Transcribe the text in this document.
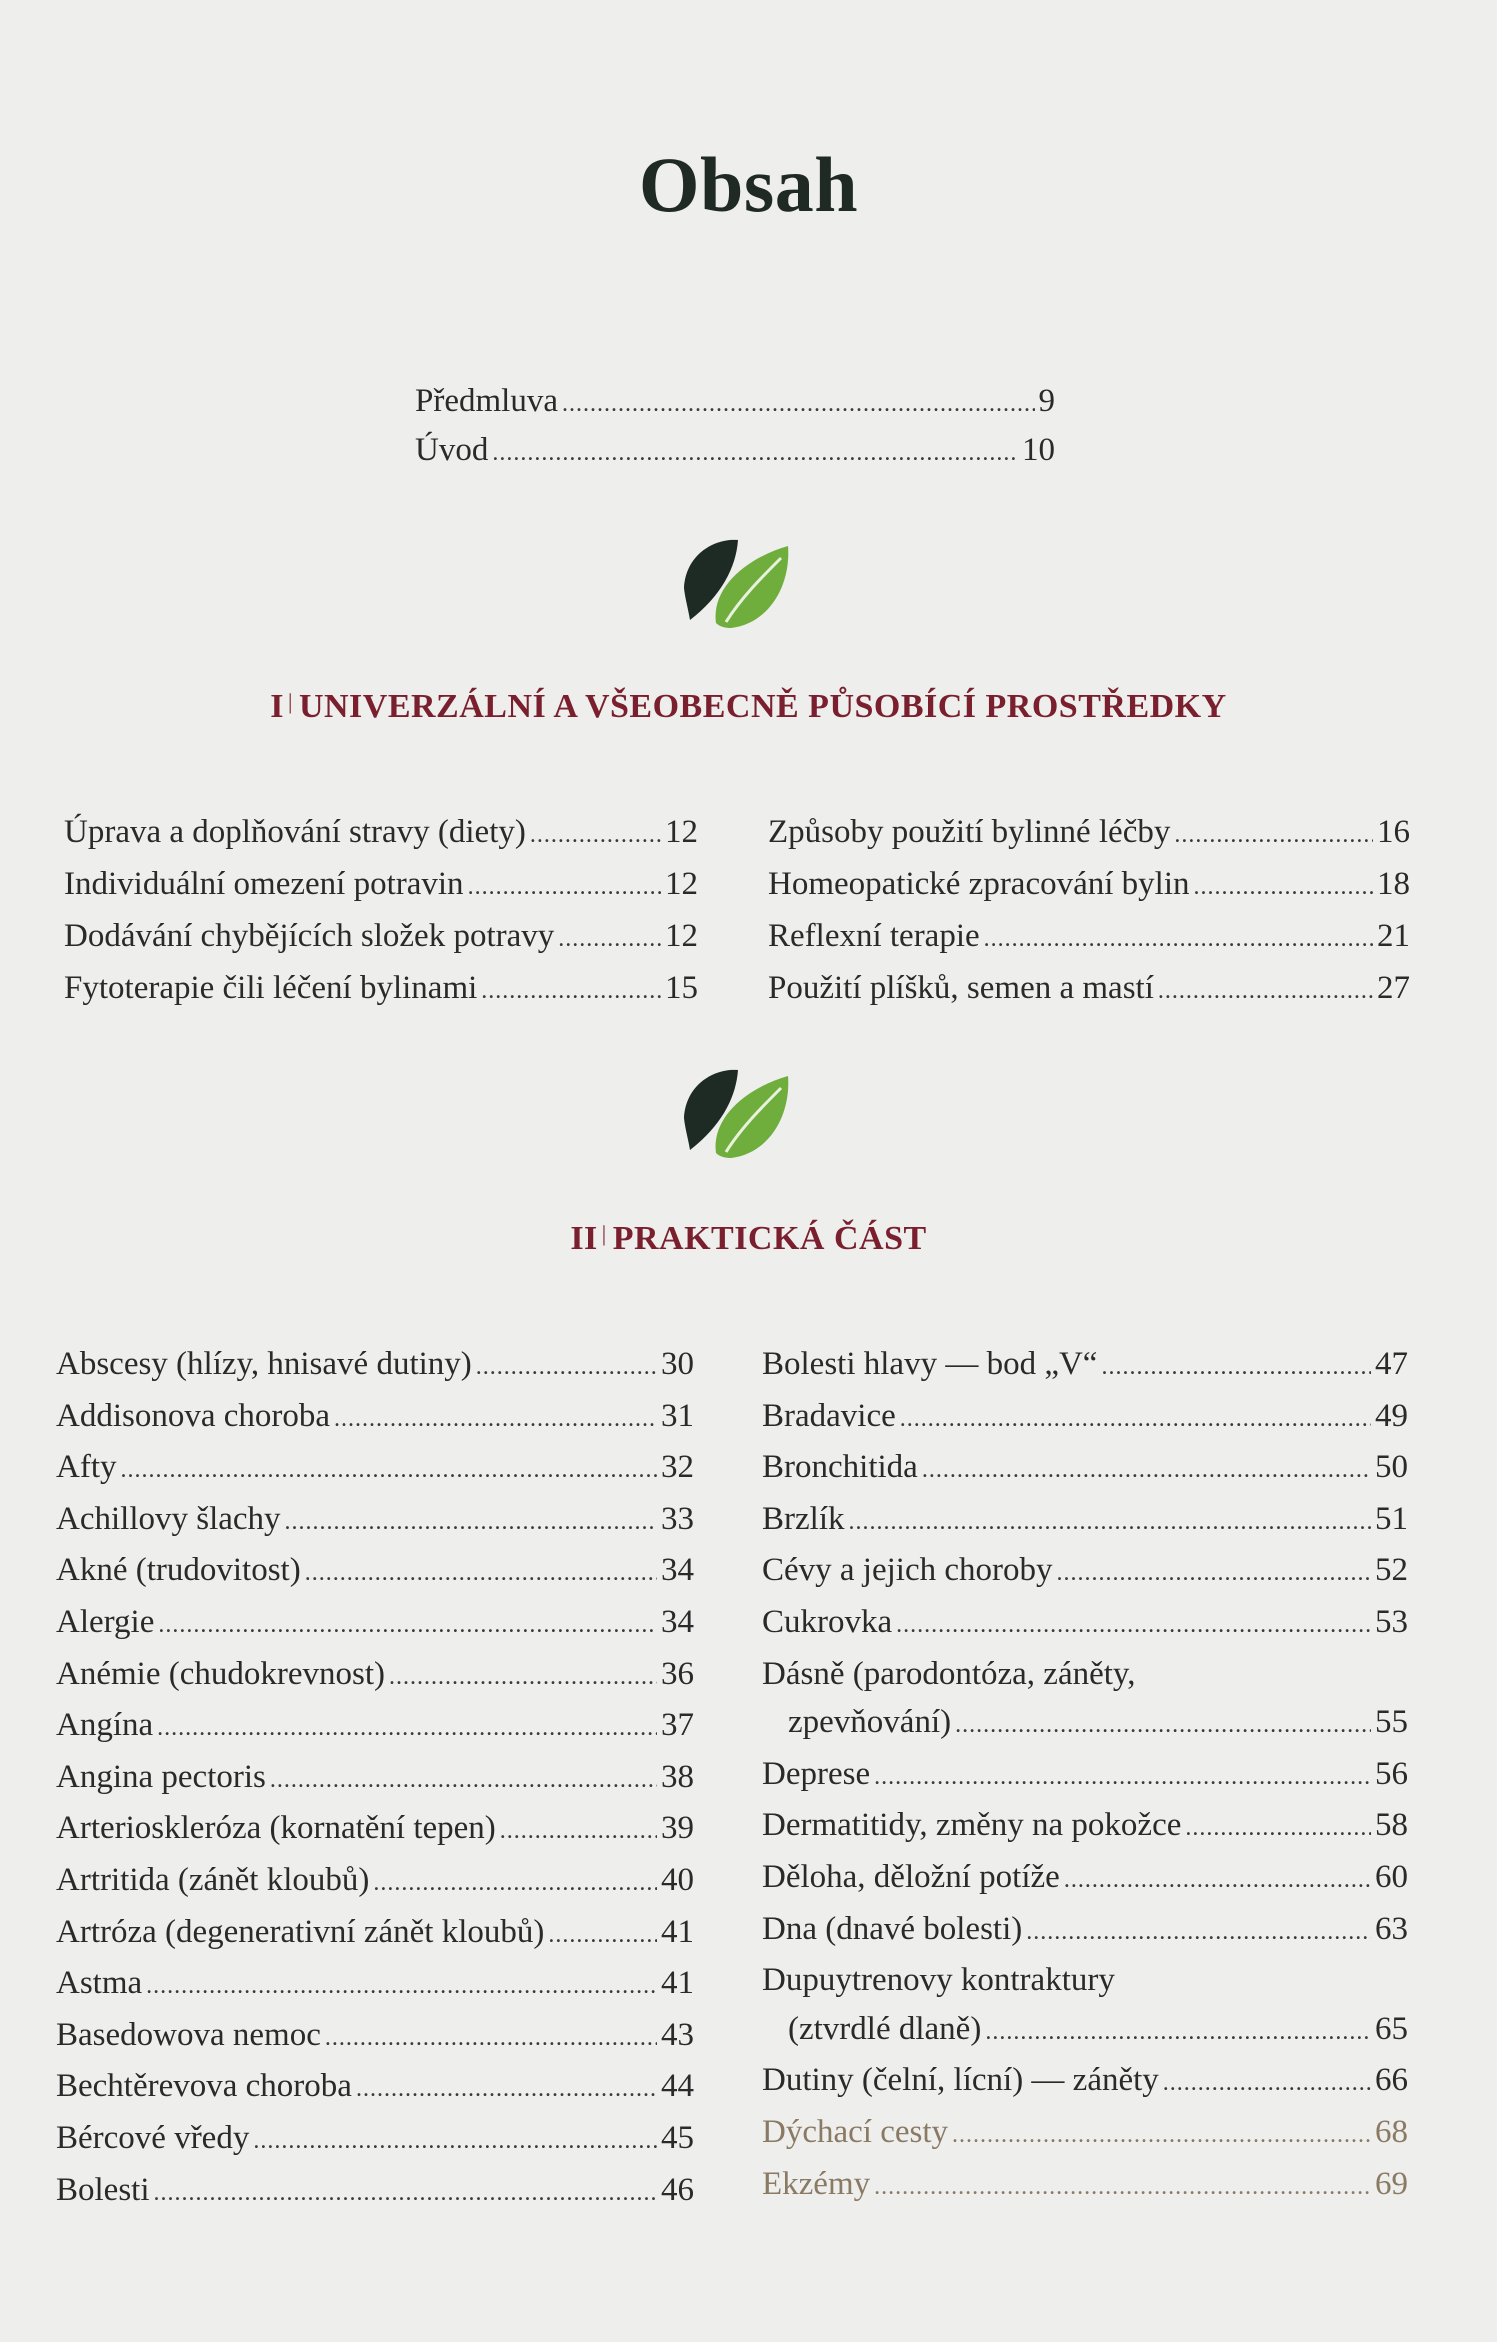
Obsah
Předmluva .....	9
Úvod .....	10
I | UNIVERZÁLNÍ A VŠEOBECNĚ PŮSOBÍCÍ PROSTŘEDKY
Úprava a doplňování stravy (diety) .....	12
Individuální omezení potravin .....	12
Dodávání chybějících složek potravy .....	12
Fytoterapie čili léčení bylinami .....	15
Způsoby použití bylinné léčby .....	16
Homeopatické zpracování bylin .....	18
Reflexní terapie .....	21
Použití plíšků, semen a mastí .....	27
II | PRAKTICKÁ ČÁST
Abscesy (hlízy, hnisavé dutiny) .....	30
Addisonova choroba .....	31
Afty .....	32
Achillovy šlachy .....	33
Akné (trudovitost) .....	34
Alergie .....	34
Anémie (chudokrevnost) .....	36
Angína .....	37
Angina pectoris .....	38
Arterioskleróza (kornatění tepen) .....	39
Artritida (zánět kloubů) .....	40
Artróza (degenerativní zánět kloubů) .....	41
Astma .....	41
Basedowova nemoc .....	43
Bechtěrevova choroba .....	44
Bércové vředy .....	45
Bolesti .....	46
Bolesti hlavy — bod „V“ .....	47
Bradavice .....	49
Bronchitida .....	50
Brzlík .....	51
Cévy a jejich choroby .....	52
Cukrovka .....	53
Dásně (parodontóza, záněty,
zpevňování) .....	55
Deprese .....	56
Dermatitidy, změny na pokožce .....	58
Děloha, děložní potíže .....	60
Dna (dnavé bolesti) .....	63
Dupuytrenovy kontraktury
(ztvrdlé dlaně) .....	65
Dutiny (čelní, lícní) — záněty .....	66
Dýchací cesty .....	68
Ekzémy .....	69
